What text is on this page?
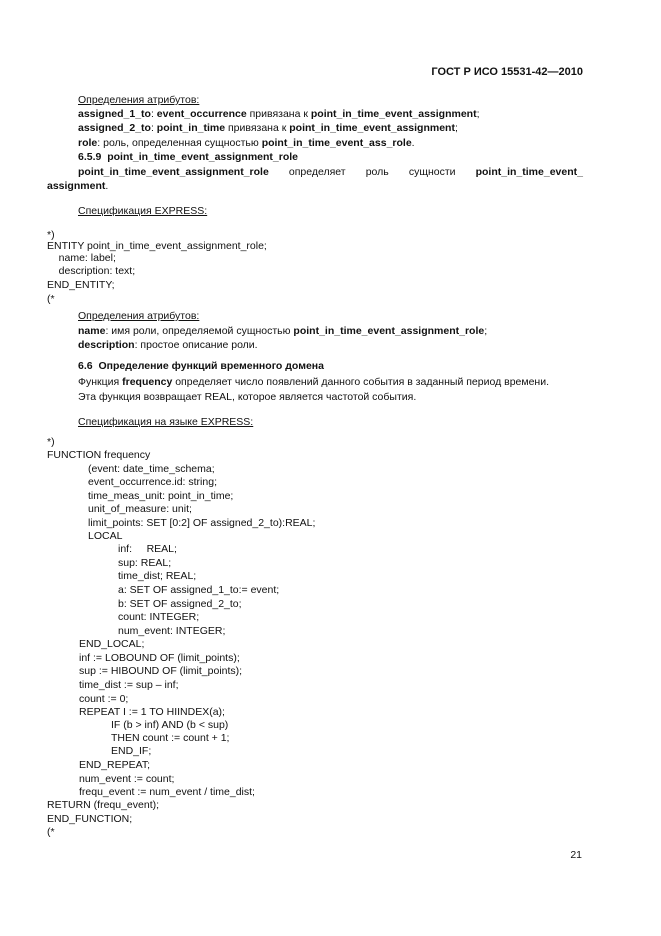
ГОСТ Р ИСО 15531-42—2010
Определения атрибутов:
assigned_1_to: event_occurrence привязана к point_in_time_event_assignment;
assigned_2_to: point_in_time привязана к point_in_time_event_assignment;
role: роль, определенная сущностью point_in_time_event_ass_role.
6.5.9 point_in_time_event_assignment_role
point_in_time_event_assignment_role определяет роль сущности point_in_time_event_
assignment.
Спецификация EXPRESS:
*)
ENTITY point_in_time_event_assignment_role;
name: label;
description: text;
END_ENTITY;
(*
Определения атрибутов:
name: имя роли, определяемой сущностью point_in_time_event_assignment_role;
description: простое описание роли.
6.6 Определение функций временного домена
Функция frequency определяет число появлений данного события в заданный период времени.
Эта функция возвращает REAL, которое является частотой события.
Спецификация на языке EXPRESS:
*)
FUNCTION frequency
(event: date_time_schema;
event_occurrence.id: string;
time_meas_unit: point_in_time;
unit_of_measure: unit;
limit_points: SET [0:2] OF assigned_2_to):REAL;
LOCAL
inf:     REAL;
sup: REAL;
time_dist; REAL;
a: SET OF assigned_1_to:= event;
b: SET OF assigned_2_to;
count: INTEGER;
num_event: INTEGER;
END_LOCAL;
inf := LOBOUND OF (limit_points);
sup := HIBOUND OF (limit_points);
time_dist := sup – inf;
count := 0;
REPEAT I := 1 TO HIINDEX(a);
IF (b > inf) AND (b < sup)
THEN count := count + 1;
END_IF;
END_REPEAT;
num_event := count;
frequ_event := num_event / time_dist;
RETURN (frequ_event);
END_FUNCTION;
(*
21
